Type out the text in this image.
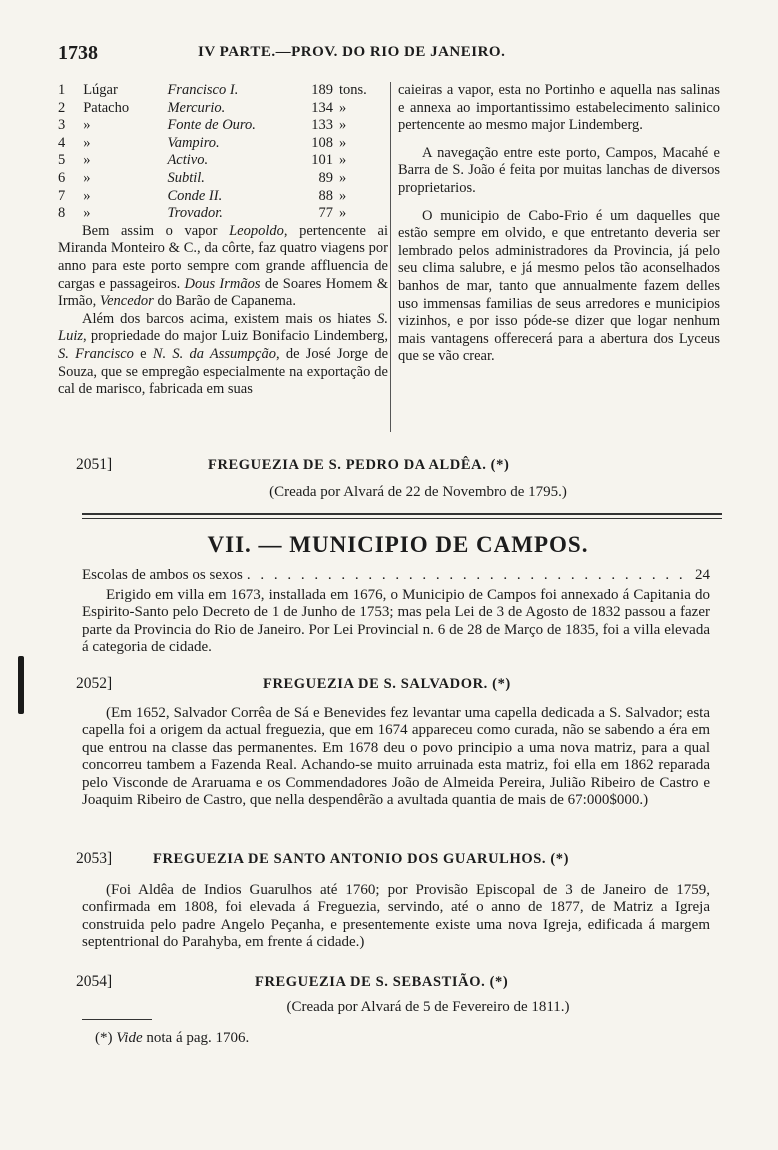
1738	IV PARTE.—PROV. DO RIO DE JANEIRO.
1	Lúgar	Francisco I.	189	tons.
2	Patacho	Mercurio.	134	»
3	»	Fonte de Ouro.	133	»
4	»	Vampiro.	108	»
5	»	Activo.	101	»
6	»	Subtil.	89	»
7	»	Conde II.	88	»
8	»	Trovador.	77	»

Bem assim o vapor Leopoldo, pertencente ai Miranda Monteiro & C., da côrte, faz quatro viagens por anno para este porto sempre com grande affluencia de cargas e passageiros. Dous Irmãos de Soares Homem & Irmão, Vencedor do Barão de Capanema.

Além dos barcos acima, existem mais os hiates S. Luiz, propriedade do major Luiz Bonifacio Lindemberg, S. Francisco e N. S. da Assumpção, de José Jorge de Souza, que se empregão especialmente na exportação de cal de marisco, fabricada em suas

caieiras a vapor, esta no Portinho e aquella nas salinas e annexa ao importantissimo estabelecimento salinico pertencente ao mesmo major Lindemberg.

A navegação entre este porto, Campos, Macahé e Barra de S. João é feita por muitas lanchas de diversos proprietarios.

O municipio de Cabo-Frio é um daquelles que estão sempre em olvido, e que entretanto deveria ser lembrado pelos administradores da Provincia, já pelo seu clima salubre, e já mesmo pelos tão aconselhados banhos de mar, tanto que annualmente fazem delles uso immensas familias de seus arredores e municipios vizinhos, e por isso póde-se dizer que logar nenhum mais vantagens offerecerá para a abertura dos Lyceus que se vão crear.

2051]	FREGUEZIA DE S. PEDRO DA ALDÊA. (*)
(Creada por Alvará de 22 de Novembro de 1795.)
VII. — MUNICIPIO DE CAMPOS.
Escolas de ambos os sexos . . .	24

Erigido em villa em 1673, installada em 1676, o Municipio de Campos foi annexado á Capitania do Espirito-Santo pelo Decreto de 1 de Junho de 1753; mas pela Lei de 3 de Agosto de 1832 passou a fazer parte da Provincia do Rio de Janeiro. Por Lei Provincial n. 6 de 28 de Março de 1835, foi a villa elevada á categoria de cidade.

2052]	FREGUEZIA DE S. SALVADOR. (*)

(Em 1652, Salvador Corrêa de Sá e Benevides fez levantar uma capella dedicada a S. Salvador; esta capella foi a origem da actual freguezia, que em 1674 appareceu como curada, não se sabendo a éra em que entrou na classe das permanentes. Em 1678 deu o povo principio a uma nova matriz, para a qual concorreu tambem a Fazenda Real. Achando-se muito arruinada esta matriz, foi ella em 1862 reparada pelo Visconde de Araruama e os Commendadores João de Almeida Pereira, Julião Ribeiro de Castro e Joaquim Ribeiro de Castro, que nella despendêrão a avultada quantia de mais de 67:000$000.)

2053]	FREGUEZIA DE SANTO ANTONIO DOS GUARULHOS. (*)

(Foi Aldêa de Indios Guarulhos até 1760; por Provisão Episcopal de 3 de Janeiro de 1759, confirmada em 1808, foi elevada á Freguezia, servindo, até o anno de 1877, de Matriz a Igreja construida pelo padre Angelo Peçanha, e presentemente existe uma nova Igreja, edificada á margem septentrional do Parahyba, em frente á cidade.)

2054]	FREGUEZIA DE S. SEBASTIÃO. (*)
(Creada por Alvará de 5 de Fevereiro de 1811.)
(*) Vide nota á pag. 1706.
